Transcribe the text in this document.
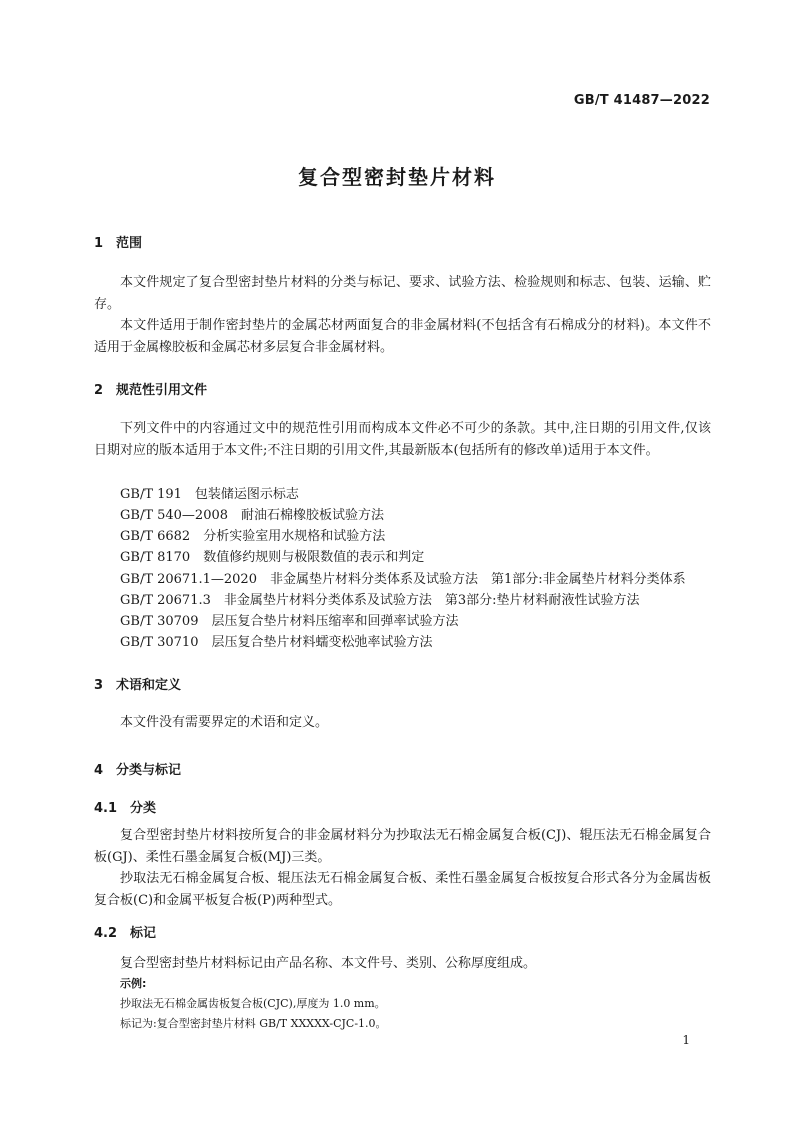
GB/T 41487—2022
复合型密封垫片材料
1 范围

本文件规定了复合型密封垫片材料的分类与标记、要求、试验方法、检验规则和标志、包装、运输、贮存。

本文件适用于制作密封垫片的金属芯材两面复合的非金属材料(不包括含有石棉成分的材料)。本文件不适用于金属橡胶板和金属芯材多层复合非金属材料。

2 规范性引用文件

下列文件中的内容通过文中的规范性引用而构成本文件必不可少的条款。其中,注日期的引用文件,仅该日期对应的版本适用于本文件;不注日期的引用文件,其最新版本(包括所有的修改单)适用于本文件。

GB/T 191　包装储运图示标志
GB/T 540—2008　耐油石棉橡胶板试验方法
GB/T 6682　分析实验室用水规格和试验方法
GB/T 8170　数值修约规则与极限数值的表示和判定
GB/T 20671.1—2020　非金属垫片材料分类体系及试验方法　第1部分:非金属垫片材料分类体系
GB/T 20671.3　非金属垫片材料分类体系及试验方法　第3部分:垫片材料耐液性试验方法
GB/T 30709　层压复合垫片材料压缩率和回弹率试验方法
GB/T 30710　层压复合垫片材料蠕变松弛率试验方法
3 术语和定义

本文件没有需要界定的术语和定义。

4 分类与标记
4.1 分类

复合型密封垫片材料按所复合的非金属材料分为抄取法无石棉金属复合板(CJ)、辊压法无石棉金属复合板(GJ)、柔性石墨金属复合板(MJ)三类。

抄取法无石棉金属复合板、辊压法无石棉金属复合板、柔性石墨金属复合板按复合形式各分为金属齿板复合板(C)和金属平板复合板(P)两种型式。

4.2 标记

复合型密封垫片材料标记由产品名称、本文件号、类别、公称厚度组成。

示例:
抄取法无石棉金属齿板复合板(CJC),厚度为 1.0 mm。
标记为:复合型密封垫片材料 GB/T XXXXX-CJC-1.0。
1
